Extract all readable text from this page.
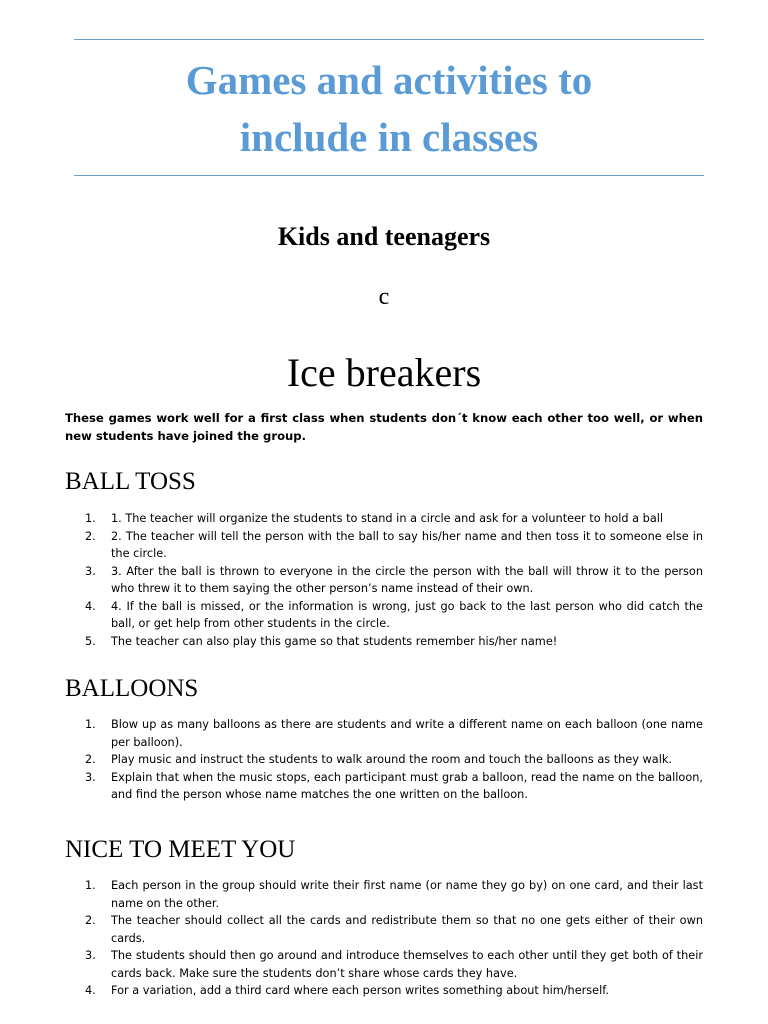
Games and activities to
include in classes
Kids and teenagers
c
Ice breakers

These games work well for a first class when students don´t know each other too well, or when new students have joined the group.

BALL TOSS
1. 1. The teacher will organize the students to stand in a circle and ask for a volunteer to hold a ball
2. 2. The teacher will tell the person with the ball to say his/her name and then toss it to someone else in the circle.
3. 3. After the ball is thrown to everyone in the circle the person with the ball will throw it to the person who threw it to them saying the other person’s name instead of their own.
4. 4. If the ball is missed, or the information is wrong, just go back to the last person who did catch the ball, or get help from other students in the circle.
5. The teacher can also play this game so that students remember his/her name!
BALLOONS
1. Blow up as many balloons as there are students and write a different name on each balloon (one name per balloon).
2. Play music and instruct the students to walk around the room and touch the balloons as they walk.
3. Explain that when the music stops, each participant must grab a balloon, read the name on the balloon, and find the person whose name matches the one written on the balloon.
NICE TO MEET YOU
1. Each person in the group should write their first name (or name they go by) on one card, and their last name on the other.
2. The teacher should collect all the cards and redistribute them so that no one gets either of their own cards.
3. The students should then go around and introduce themselves to each other until they get both of their cards back. Make sure the students don’t share whose cards they have.
4. For a variation, add a third card where each person writes something about him/herself.
